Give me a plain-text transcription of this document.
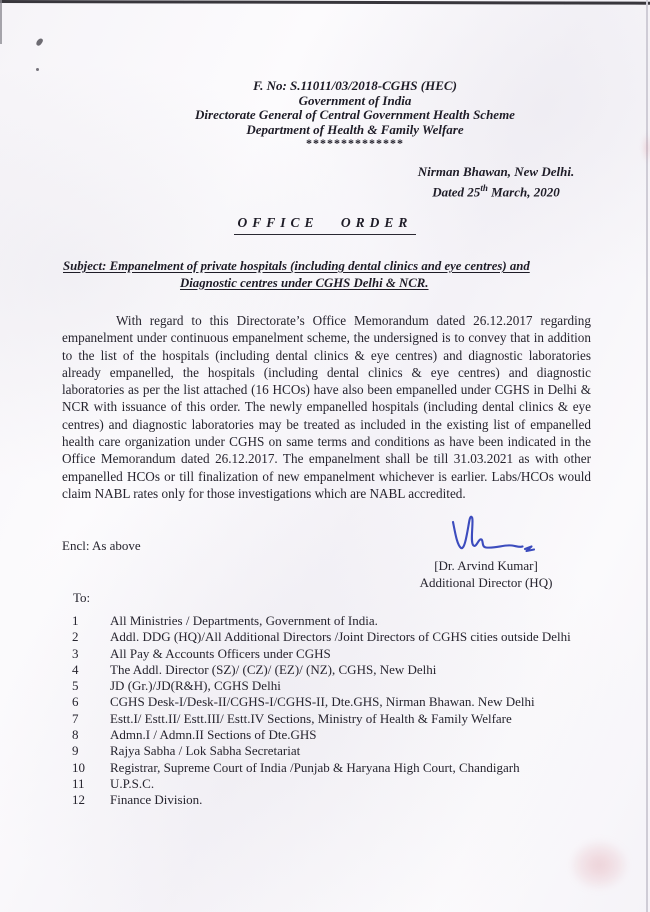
F. No: S.11011/03/2018-CGHS (HEC)
Government of India
Directorate General of Central Government Health Scheme
Department of Health & Family Welfare
**************
Nirman Bhawan, New Delhi.
Dated 25th March, 2020
OFFICE ORDER
Subject: Empanelment of private hospitals (including dental clinics and eye centres) and
Diagnostic centres under CGHS Delhi & NCR.
With regard to this Directorate’s Office Memorandum dated 26.12.2017 regarding empanelment under continuous empanelment scheme, the undersigned is to convey that in addition to the list of the hospitals (including dental clinics & eye centres) and diagnostic laboratories already empanelled, the hospitals (including dental clinics & eye centres) and diagnostic laboratories as per the list attached (16 HCOs) have also been empanelled under CGHS in Delhi & NCR with issuance of this order. The newly empanelled hospitals (including dental clinics & eye centres) and diagnostic laboratories may be treated as included in the existing list of empanelled health care organization under CGHS on same terms and conditions as have been indicated in the Office Memorandum dated 26.12.2017. The empanelment shall be till 31.03.2021 as with other empanelled HCOs or till finalization of new empanelment whichever is earlier. Labs/HCOs would claim NABL rates only for those investigations which are NABL accredited.
Encl: As above
[Dr. Arvind Kumar]
Additional Director (HQ)
To:
1	All Ministries / Departments, Government of India.
2	Addl. DDG (HQ)/All Additional Directors /Joint Directors of CGHS cities outside Delhi
3	All Pay & Accounts Officers under CGHS
4	The Addl. Director (SZ)/ (CZ)/ (EZ)/ (NZ), CGHS, New Delhi
5	JD (Gr.)/JD(R&H), CGHS Delhi
6	CGHS Desk-I/Desk-II/CGHS-I/CGHS-II, Dte.GHS, Nirman Bhawan. New Delhi
7	Estt.I/ Estt.II/ Estt.III/ Estt.IV Sections, Ministry of Health & Family Welfare
8	Admn.I / Admn.II Sections of Dte.GHS
9	Rajya Sabha / Lok Sabha Secretariat
10	Registrar, Supreme Court of India /Punjab & Haryana High Court, Chandigarh
11	U.P.S.C.
12	Finance Division.
